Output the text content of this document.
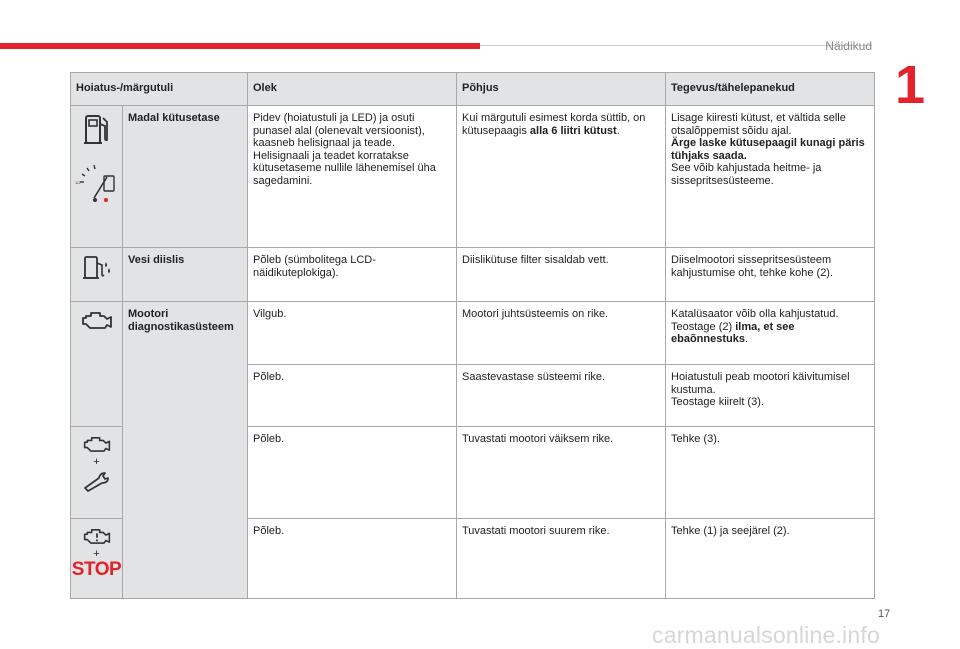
Näidikud
1
Hoiatus-/märgutuli		Olek	Põhjus	Tegevus/tähelepanekud

1/2	Madal kütusetase	Pidev (hoiatustuli ja LED) ja osuti punasel alal (olenevalt versioonist), kaasneb helisignaal ja teade. Helisignaali ja teadet korratakse kütusetaseme nullile lähenemisel üha sagedamini.	Kui märgutuli esimest korda süttib, on kütusepaagis alla 6 liitri kütust.	Lisage kiiresti kütust, et vältida selle otsalõppemist sõidu ajal.
Ärge laske kütusepaagil kunagi päris tühjaks saada.
See võib kahjustada heitme- ja sissepritsesüsteeme.

	Vesi diislis	Põleb (sümbolitega LCD-näidikuteplokiga).	Diislikütuse filter sisaldab vett.	Diiselmootori sissepritsesüsteem kahjustumise oht, tehke kohe (2).

	Mootori diagnostikasüsteem	Vilgub.	Mootori juhtsüsteemis on rike.	Katalüsaator võib olla kahjustatud. Teostage (2) ilma, et see ebaõnnestuks.
		Põleb.	Saastevastase süsteemi rike.	Hoiatustuli peab mootori käivitumisel kustuma.
Teostage kiirelt (3).

+		Põleb.	Tuvastati mootori väiksem rike.	Tehke (3).

+
STOP		Põleb.	Tuvastati mootori suurem rike.	Tehke (1) ja seejärel (2).
17
carmanualsonline.info
